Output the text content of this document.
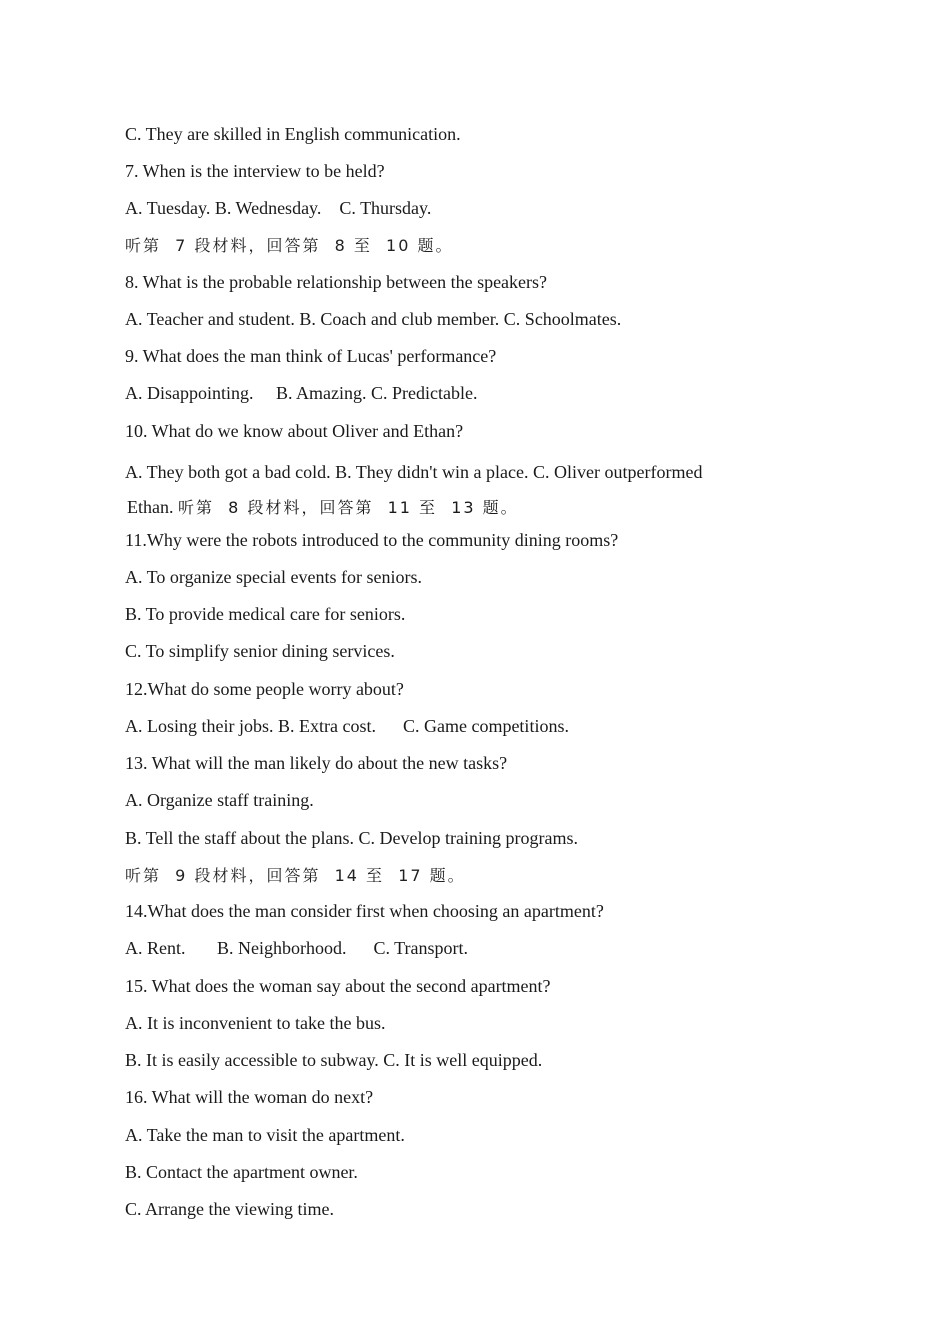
C. They are skilled in English communication.
7. When is the interview to be held?
A. Tuesday. B. Wednesday.    C. Thursday.
听第  7 段材料，回答第  8 至  10 题。
8. What is the probable relationship between the speakers?
A. Teacher and student. B. Coach and club member. C. Schoolmates.
9. What does the man think of Lucas' performance?
A. Disappointing.     B. Amazing. C. Predictable.
10. What do we know about Oliver and Ethan?
A. They both got a bad cold. B. They didn't win a place. C. Oliver outperformed
Ethan. 听第  8 段材料，回答第  11 至  13 题。
11.Why were the robots introduced to the community dining rooms?
A. To organize special events for seniors.
B. To provide medical care for seniors.
C. To simplify senior dining services.
12.What do some people worry about?
A. Losing their jobs. B. Extra cost.      C. Game competitions.
13. What will the man likely do about the new tasks?
A. Organize staff training.
B. Tell the staff about the plans. C. Develop training programs.
听第  9 段材料，回答第  14 至  17 题。
14.What does the man consider first when choosing an apartment?
A. Rent.       B. Neighborhood.      C. Transport.
15. What does the woman say about the second apartment?
A. It is inconvenient to take the bus.
B. It is easily accessible to subway. C. It is well equipped.
16. What will the woman do next?
A. Take the man to visit the apartment.
B. Contact the apartment owner.
C. Arrange the viewing time.
